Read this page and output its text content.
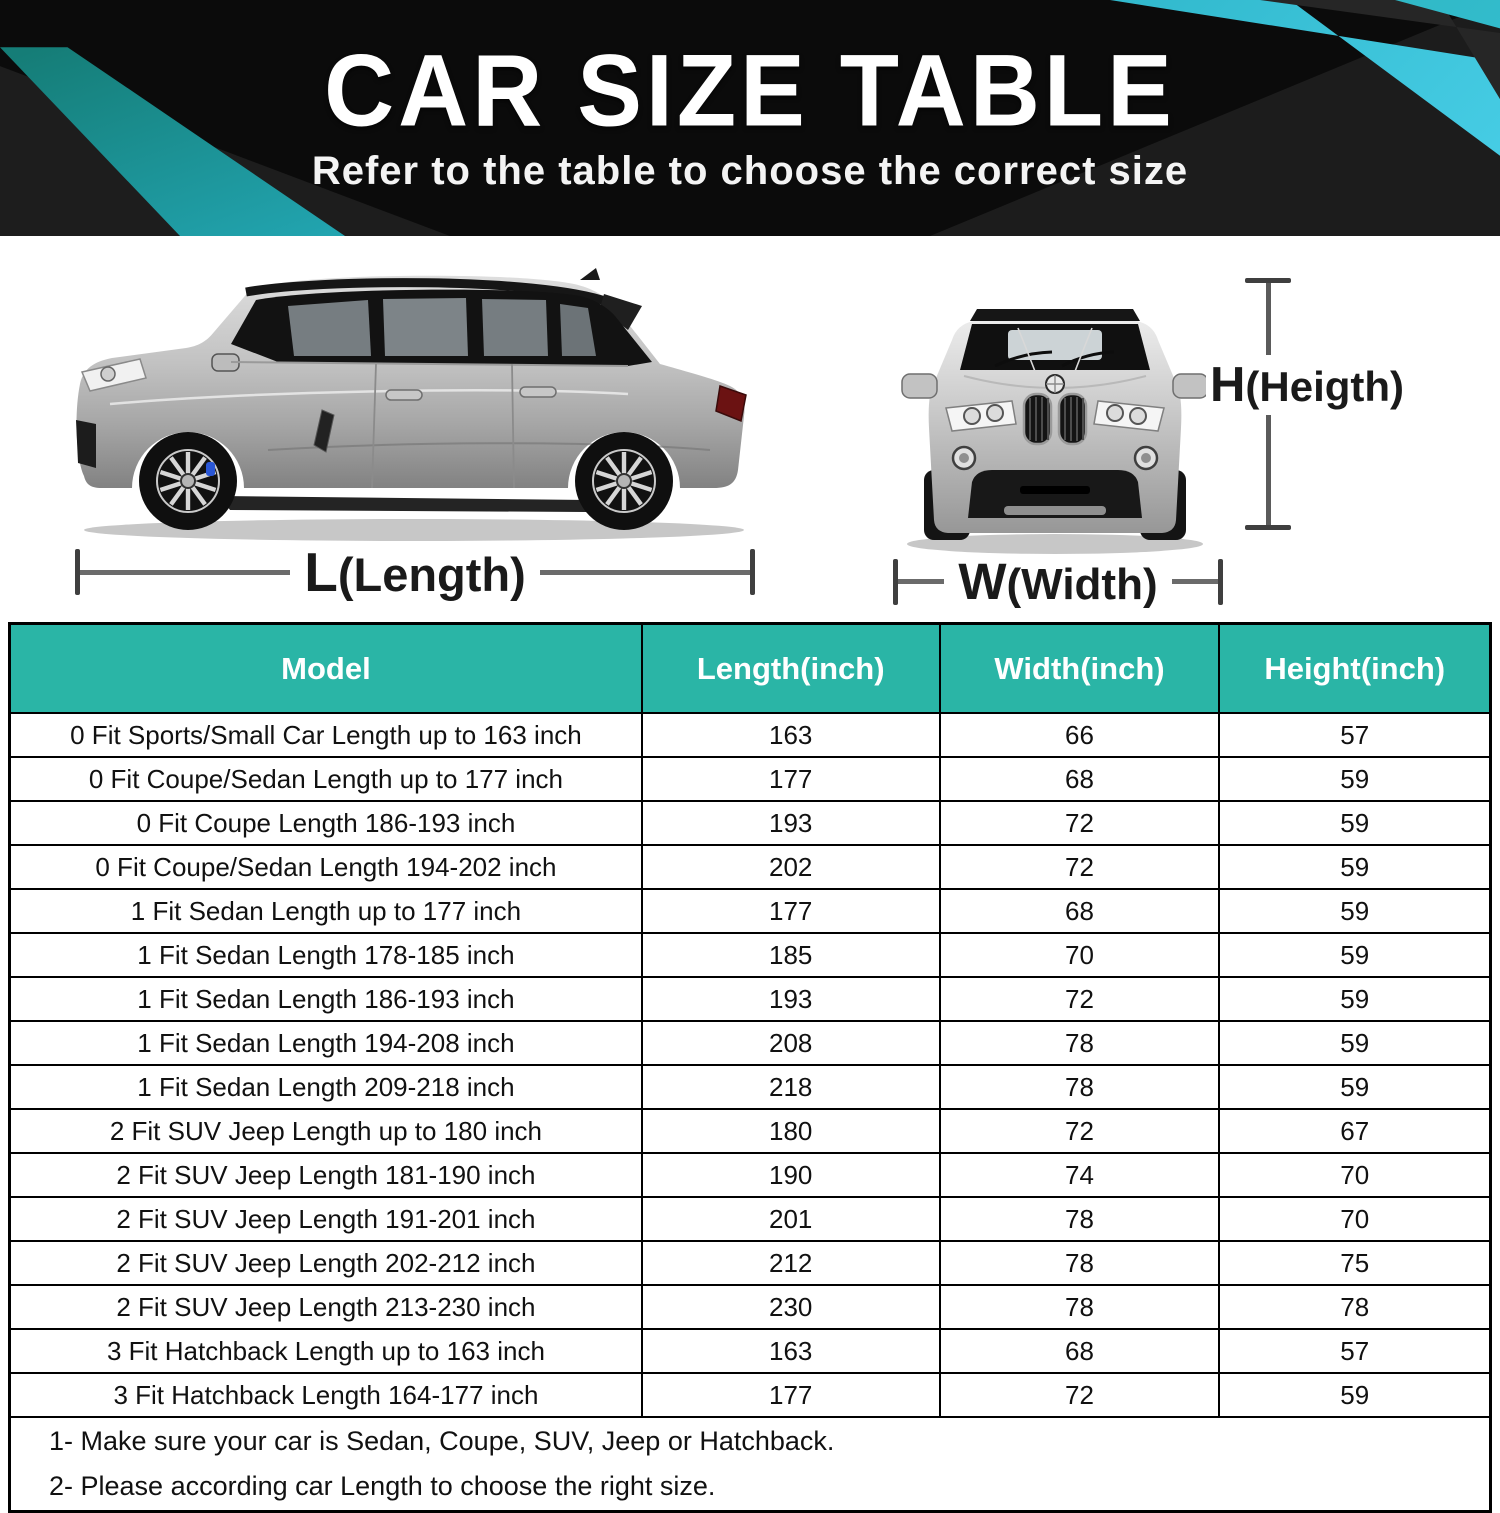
CAR SIZE TABLE
Refer to the table to choose the correct size
L(Length)	W(Width)
H(Heigth)
Model	Length(inch)	Width(inch)	Height(inch)
0 Fit Sports/Small Car Length up to 163 inch	163	66	57
0 Fit Coupe/Sedan Length up to 177 inch	177	68	59
0 Fit Coupe Length 186-193 inch	193	72	59
0 Fit Coupe/Sedan Length 194-202 inch	202	72	59
1 Fit Sedan Length up to 177 inch	177	68	59
1 Fit Sedan Length 178-185 inch	185	70	59
1 Fit Sedan Length 186-193 inch	193	72	59
1 Fit Sedan Length 194-208 inch	208	78	59
1 Fit Sedan Length 209-218 inch	218	78	59
2 Fit SUV Jeep Length up to 180 inch	180	72	67
2 Fit SUV Jeep Length 181-190 inch	190	74	70
2 Fit SUV Jeep Length 191-201 inch	201	78	70
2 Fit SUV Jeep Length 202-212 inch	212	78	75
2 Fit SUV Jeep Length 213-230 inch	230	78	78
3 Fit Hatchback Length up to 163 inch	163	68	57
3 Fit Hatchback Length 164-177 inch	177	72	59

1- Make sure your car is Sedan, Coupe, SUV, Jeep or Hatchback.
2- Please according car Length to choose the right size.			
